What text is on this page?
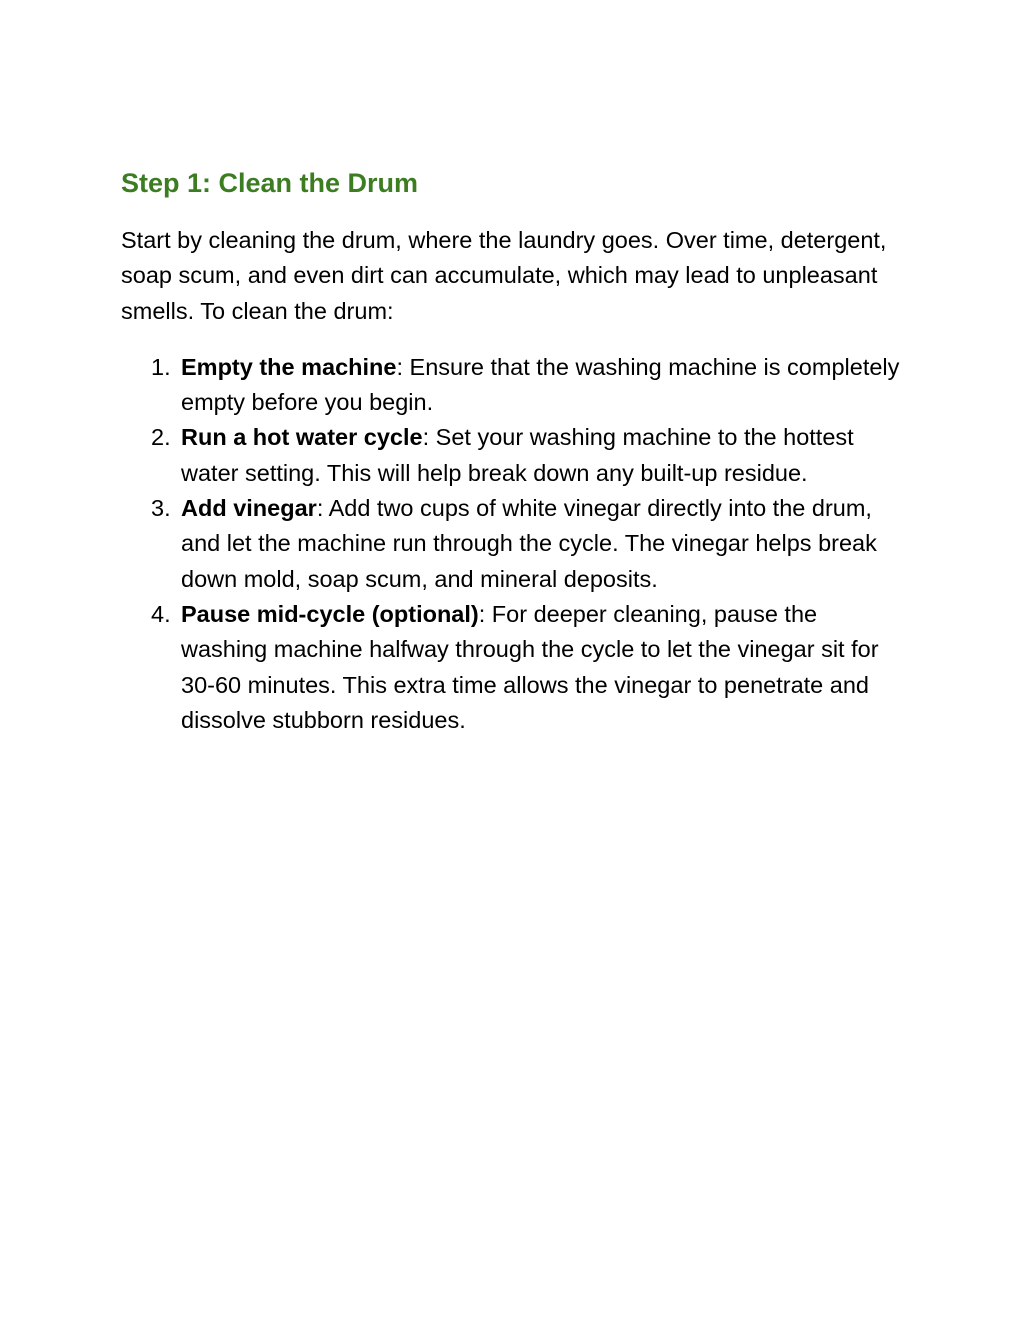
Step 1: Clean the Drum

Start by cleaning the drum, where the laundry goes. Over time, detergent, soap scum, and even dirt can accumulate, which may lead to unpleasant smells. To clean the drum:

1. Empty the machine: Ensure that the washing machine is completely empty before you begin.
2. Run a hot water cycle: Set your washing machine to the hottest water setting. This will help break down any built-up residue.
3. Add vinegar: Add two cups of white vinegar directly into the drum, and let the machine run through the cycle. The vinegar helps break down mold, soap scum, and mineral deposits.
4. Pause mid-cycle (optional): For deeper cleaning, pause the washing machine halfway through the cycle to let the vinegar sit for 30-60 minutes. This extra time allows the vinegar to penetrate and dissolve stubborn residues.
